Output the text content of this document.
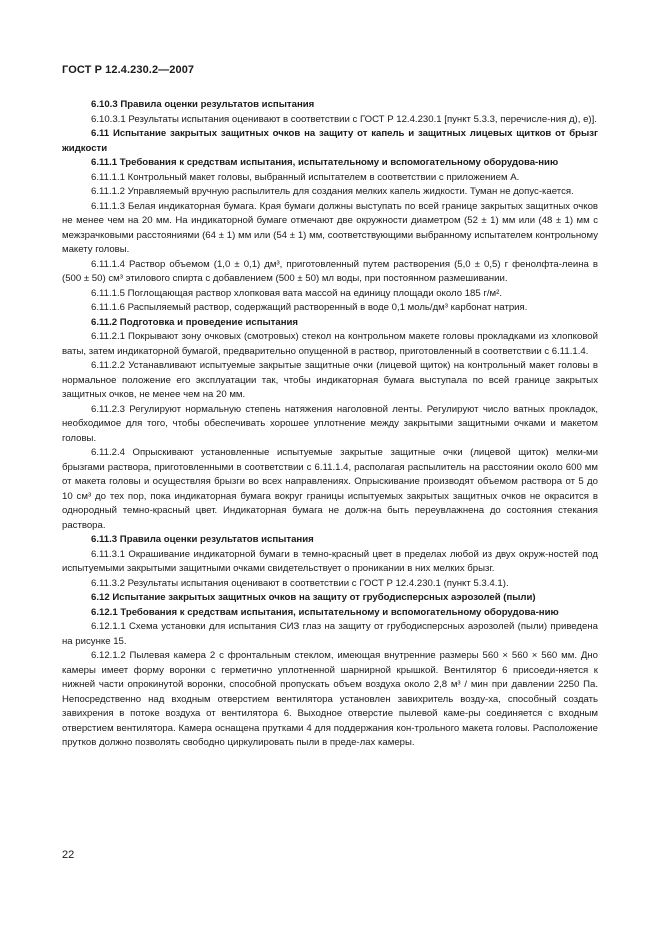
ГОСТ Р 12.4.230.2—2007

6.10.3 Правила оценки результатов испытания

6.10.3.1 Результаты испытания оценивают в соответствии с ГОСТ Р 12.4.230.1 [пункт 5.3.3, перечисле-ния д), е)].

6.11 Испытание закрытых защитных очков на защиту от капель и защитных лицевых щитков от брызг жидкости

6.11.1 Требования к средствам испытания, испытательному и вспомогательному оборудова-нию

6.11.1.1 Контрольный макет головы, выбранный испытателем в соответствии с приложением А.

6.11.1.2 Управляемый вручную распылитель для создания мелких капель жидкости. Туман не допус-кается.

6.11.1.3 Белая индикаторная бумага. Края бумаги должны выступать по всей границе закрытых защитных очков не менее чем на 20 мм. На индикаторной бумаге отмечают две окружности диаметром (52 ± 1) мм или (48 ± 1) мм с межзрачковыми расстояниями (64 ± 1) мм или (54 ± 1) мм, соответствующими выбранному испытателем контрольному макету головы.

6.11.1.4 Раствор объемом (1,0 ± 0,1) дм³, приготовленный путем растворения (5,0 ± 0,5) г фенолфта-леина в (500 ± 50) см³ этилового спирта с добавлением (500 ± 50) мл воды, при постоянном размешивании.

6.11.1.5 Поглощающая раствор хлопковая вата массой на единицу площади около 185 г/м².

6.11.1.6 Распыляемый раствор, содержащий растворенный в воде 0,1 моль/дм³ карбонат натрия.

6.11.2 Подготовка и проведение испытания

6.11.2.1 Покрывают зону очковых (смотровых) стекол на контрольном макете головы прокладками из хлопковой ваты, затем индикаторной бумагой, предварительно опущенной в раствор, приготовленный в соответствии с 6.11.1.4.

6.11.2.2 Устанавливают испытуемые закрытые защитные очки (лицевой щиток) на контрольный макет головы в нормальное положение его эксплуатации так, чтобы индикаторная бумага выступала по всей границе закрытых защитных очков, не менее чем на 20 мм.

6.11.2.3 Регулируют нормальную степень натяжения наголовной ленты. Регулируют число ватных прокладок, необходимое для того, чтобы обеспечивать хорошее уплотнение между закрытыми защитными очками и макетом головы.

6.11.2.4 Опрыскивают установленные испытуемые закрытые защитные очки (лицевой щиток) мелки-ми брызгами раствора, приготовленными в соответствии с 6.11.1.4, располагая распылитель на расстоянии около 600 мм от макета головы и осуществляя брызги во всех направлениях. Опрыскивание производят объемом раствора от 5 до 10 см³ до тех пор, пока индикаторная бумага вокруг границы испытуемых закрытых защитных очков не окрасится в однородный темно-красный цвет. Индикаторная бумага не долж-на быть переувлажнена до состояния стекания раствора.

6.11.3 Правила оценки результатов испытания

6.11.3.1 Окрашивание индикаторной бумаги в темно-красный цвет в пределах любой из двух окруж-ностей под испытуемыми закрытыми защитными очками свидетельствует о проникании в них мелких брызг.

6.11.3.2 Результаты испытания оценивают в соответствии с ГОСТ Р 12.4.230.1 (пункт 5.3.4.1).

6.12 Испытание закрытых защитных очков на защиту от грубодисперсных аэрозолей (пыли)

6.12.1 Требования к средствам испытания, испытательному и вспомогательному оборудова-нию

6.12.1.1 Схема установки для испытания СИЗ глаз на защиту от грубодисперсных аэрозолей (пыли) приведена на рисунке 15.

6.12.1.2 Пылевая камера 2 с фронтальным стеклом, имеющая внутренние размеры 560 × 560 × 560 мм. Дно камеры имеет форму воронки с герметично уплотненной шарнирной крышкой. Вентилятор 6 присоеди-няется к нижней части опрокинутой воронки, способной пропускать объем воздуха около 2,8 м³ / мин при давлении 2250 Па. Непосредственно над входным отверстием вентилятора установлен завихритель возду-ха, способный создать завихрения в потоке воздуха от вентилятора 6. Выходное отверстие пылевой каме-ры соединяется с входным отверстием вентилятора. Камера оснащена прутками 4 для поддержания кон-трольного макета головы. Расположение прутков должно позволять свободно циркулировать пыли в преде-лах камеры.

22
